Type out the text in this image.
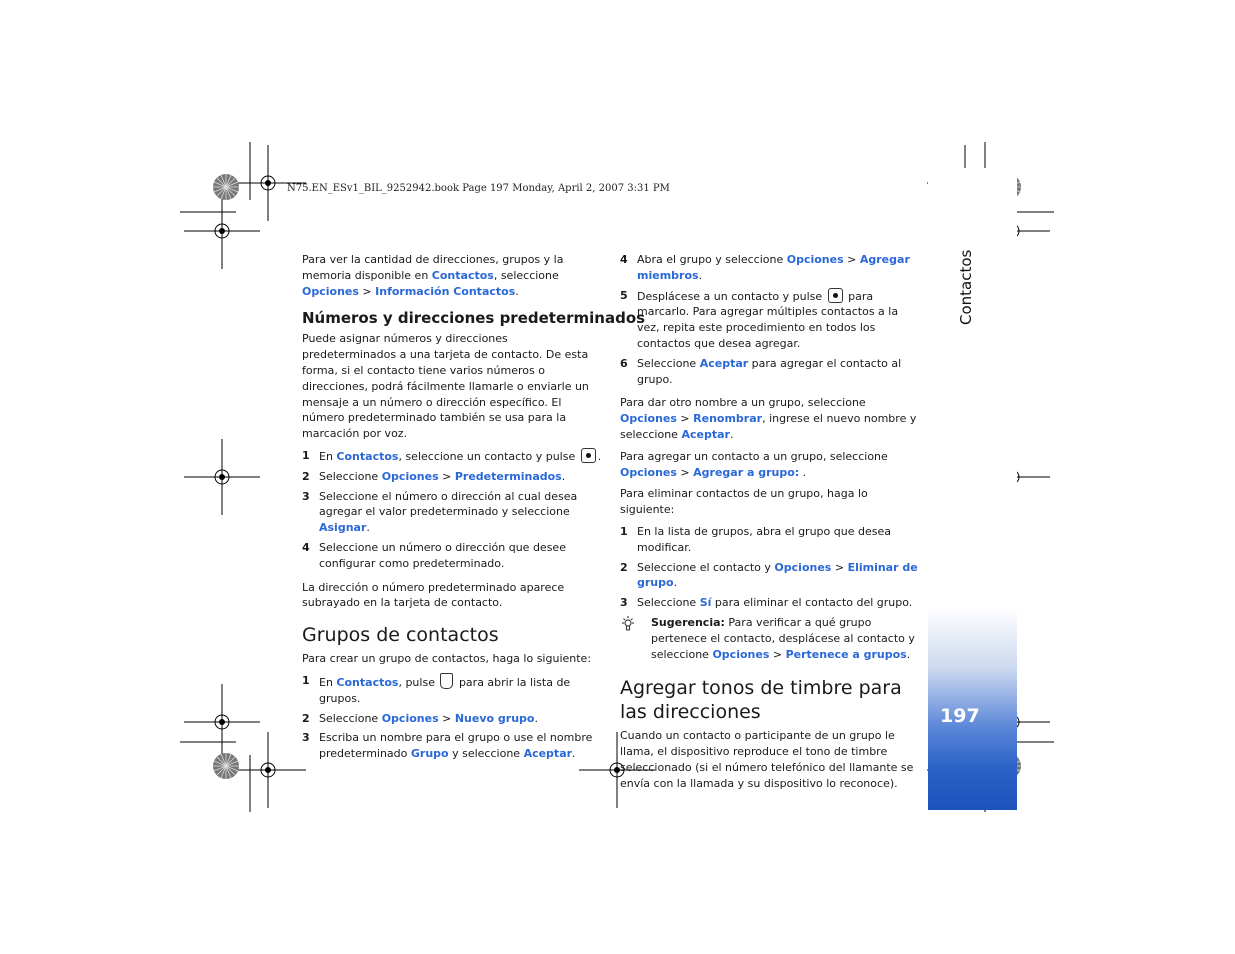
Contactos
197
N75.EN_ESv1_BIL_9252942.book Page 197 Monday, April 2, 2007 3:31 PM

Para ver la cantidad de direcciones, grupos y la memoria disponible en Contactos, seleccione Opciones > Información Contactos.

Números y direcciones predeterminados

Puede asignar números y direcciones predeterminados a una tarjeta de contacto. De esta forma, si el contacto tiene varios números o direcciones, podrá fácilmente llamarle o enviarle un mensaje a un número o dirección específico. El número predeterminado también se usa para la marcación por voz.

1 En Contactos, seleccione un contacto y pulse .
2 Seleccione Opciones > Predeterminados.
3 Seleccione el número o dirección al cual desea agregar el valor predeterminado y seleccione Asignar.
4 Seleccione un número o dirección que desee configurar como predeterminado.

La dirección o número predeterminado aparece subrayado en la tarjeta de contacto.

Grupos de contactos

Para crear un grupo de contactos, haga lo siguiente:

1 En Contactos, pulse  para abrir la lista de grupos.
2 Seleccione Opciones > Nuevo grupo.
3 Escriba un nombre para el grupo o use el nombre predeterminado Grupo y seleccione Aceptar.
4 Abra el grupo y seleccione Opciones > Agregar miembros.
5 Desplácese a un contacto y pulse  para marcarlo. Para agregar múltiples contactos a la vez, repita este procedimiento en todos los contactos que desea agregar.
6 Seleccione Aceptar para agregar el contacto al grupo.

Para dar otro nombre a un grupo, seleccione Opciones > Renombrar, ingrese el nuevo nombre y seleccione Aceptar.

Para agregar un contacto a un grupo, seleccione Opciones > Agregar a grupo: .

Para eliminar contactos de un grupo, haga lo siguiente:

1 En la lista de grupos, abra el grupo que desea modificar.
2 Seleccione el contacto y Opciones > Eliminar de grupo.
3 Seleccione Sí para eliminar el contacto del grupo.
Sugerencia: Para verificar a qué grupo pertenece el contacto, desplácese al contacto y seleccione Opciones > Pertenece a grupos.
Agregar tonos de timbre para las direcciones

Cuando un contacto o participante de un grupo le llama, el dispositivo reproduce el tono de timbre seleccionado (si el número telefónico del llamante se envía con la llamada y su dispositivo lo reconoce).
